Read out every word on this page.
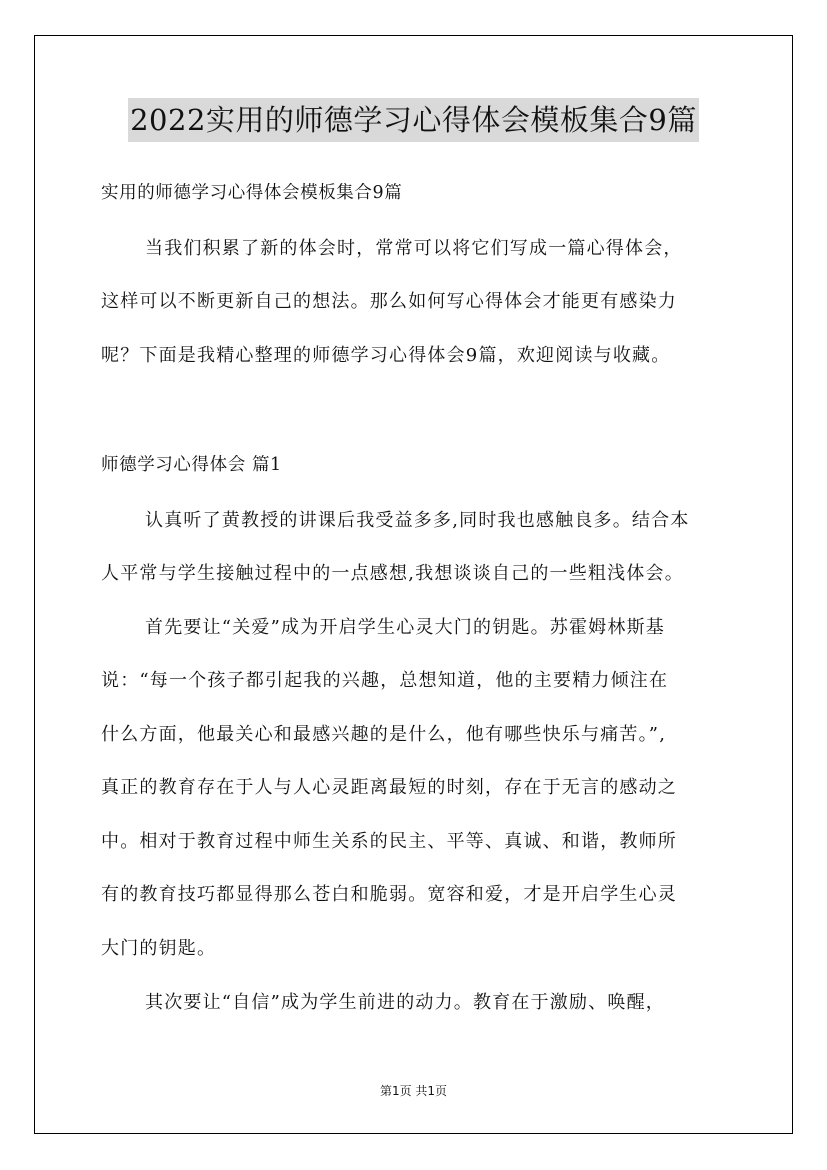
2022实用的师德学习心得体会模板集合9篇
实用的师德学习心得体会模板集合9篇
当我们积累了新的体会时，常常可以将它们写成一篇心得体会，
这样可以不断更新自己的想法。那么如何写心得体会才能更有感染力
呢？下面是我精心整理的师德学习心得体会9篇，欢迎阅读与收藏。
师德学习心得体会 篇1
认真听了黄教授的讲课后我受益多多,同时我也感触良多。结合本
人平常与学生接触过程中的一点感想,我想谈谈自己的一些粗浅体会。
首先要让“关爱”成为开启学生心灵大门的钥匙。苏霍姆林斯基
说：“每一个孩子都引起我的兴趣，总想知道，他的主要精力倾注在
什么方面，他最关心和最感兴趣的是什么，他有哪些快乐与痛苦。”,
真正的教育存在于人与人心灵距离最短的时刻，存在于无言的感动之
中。相对于教育过程中师生关系的民主、平等、真诚、和谐，教师所
有的教育技巧都显得那么苍白和脆弱。宽容和爱，才是开启学生心灵
大门的钥匙。
其次要让“自信”成为学生前进的动力。教育在于激励、唤醒，
第1页 共1页
